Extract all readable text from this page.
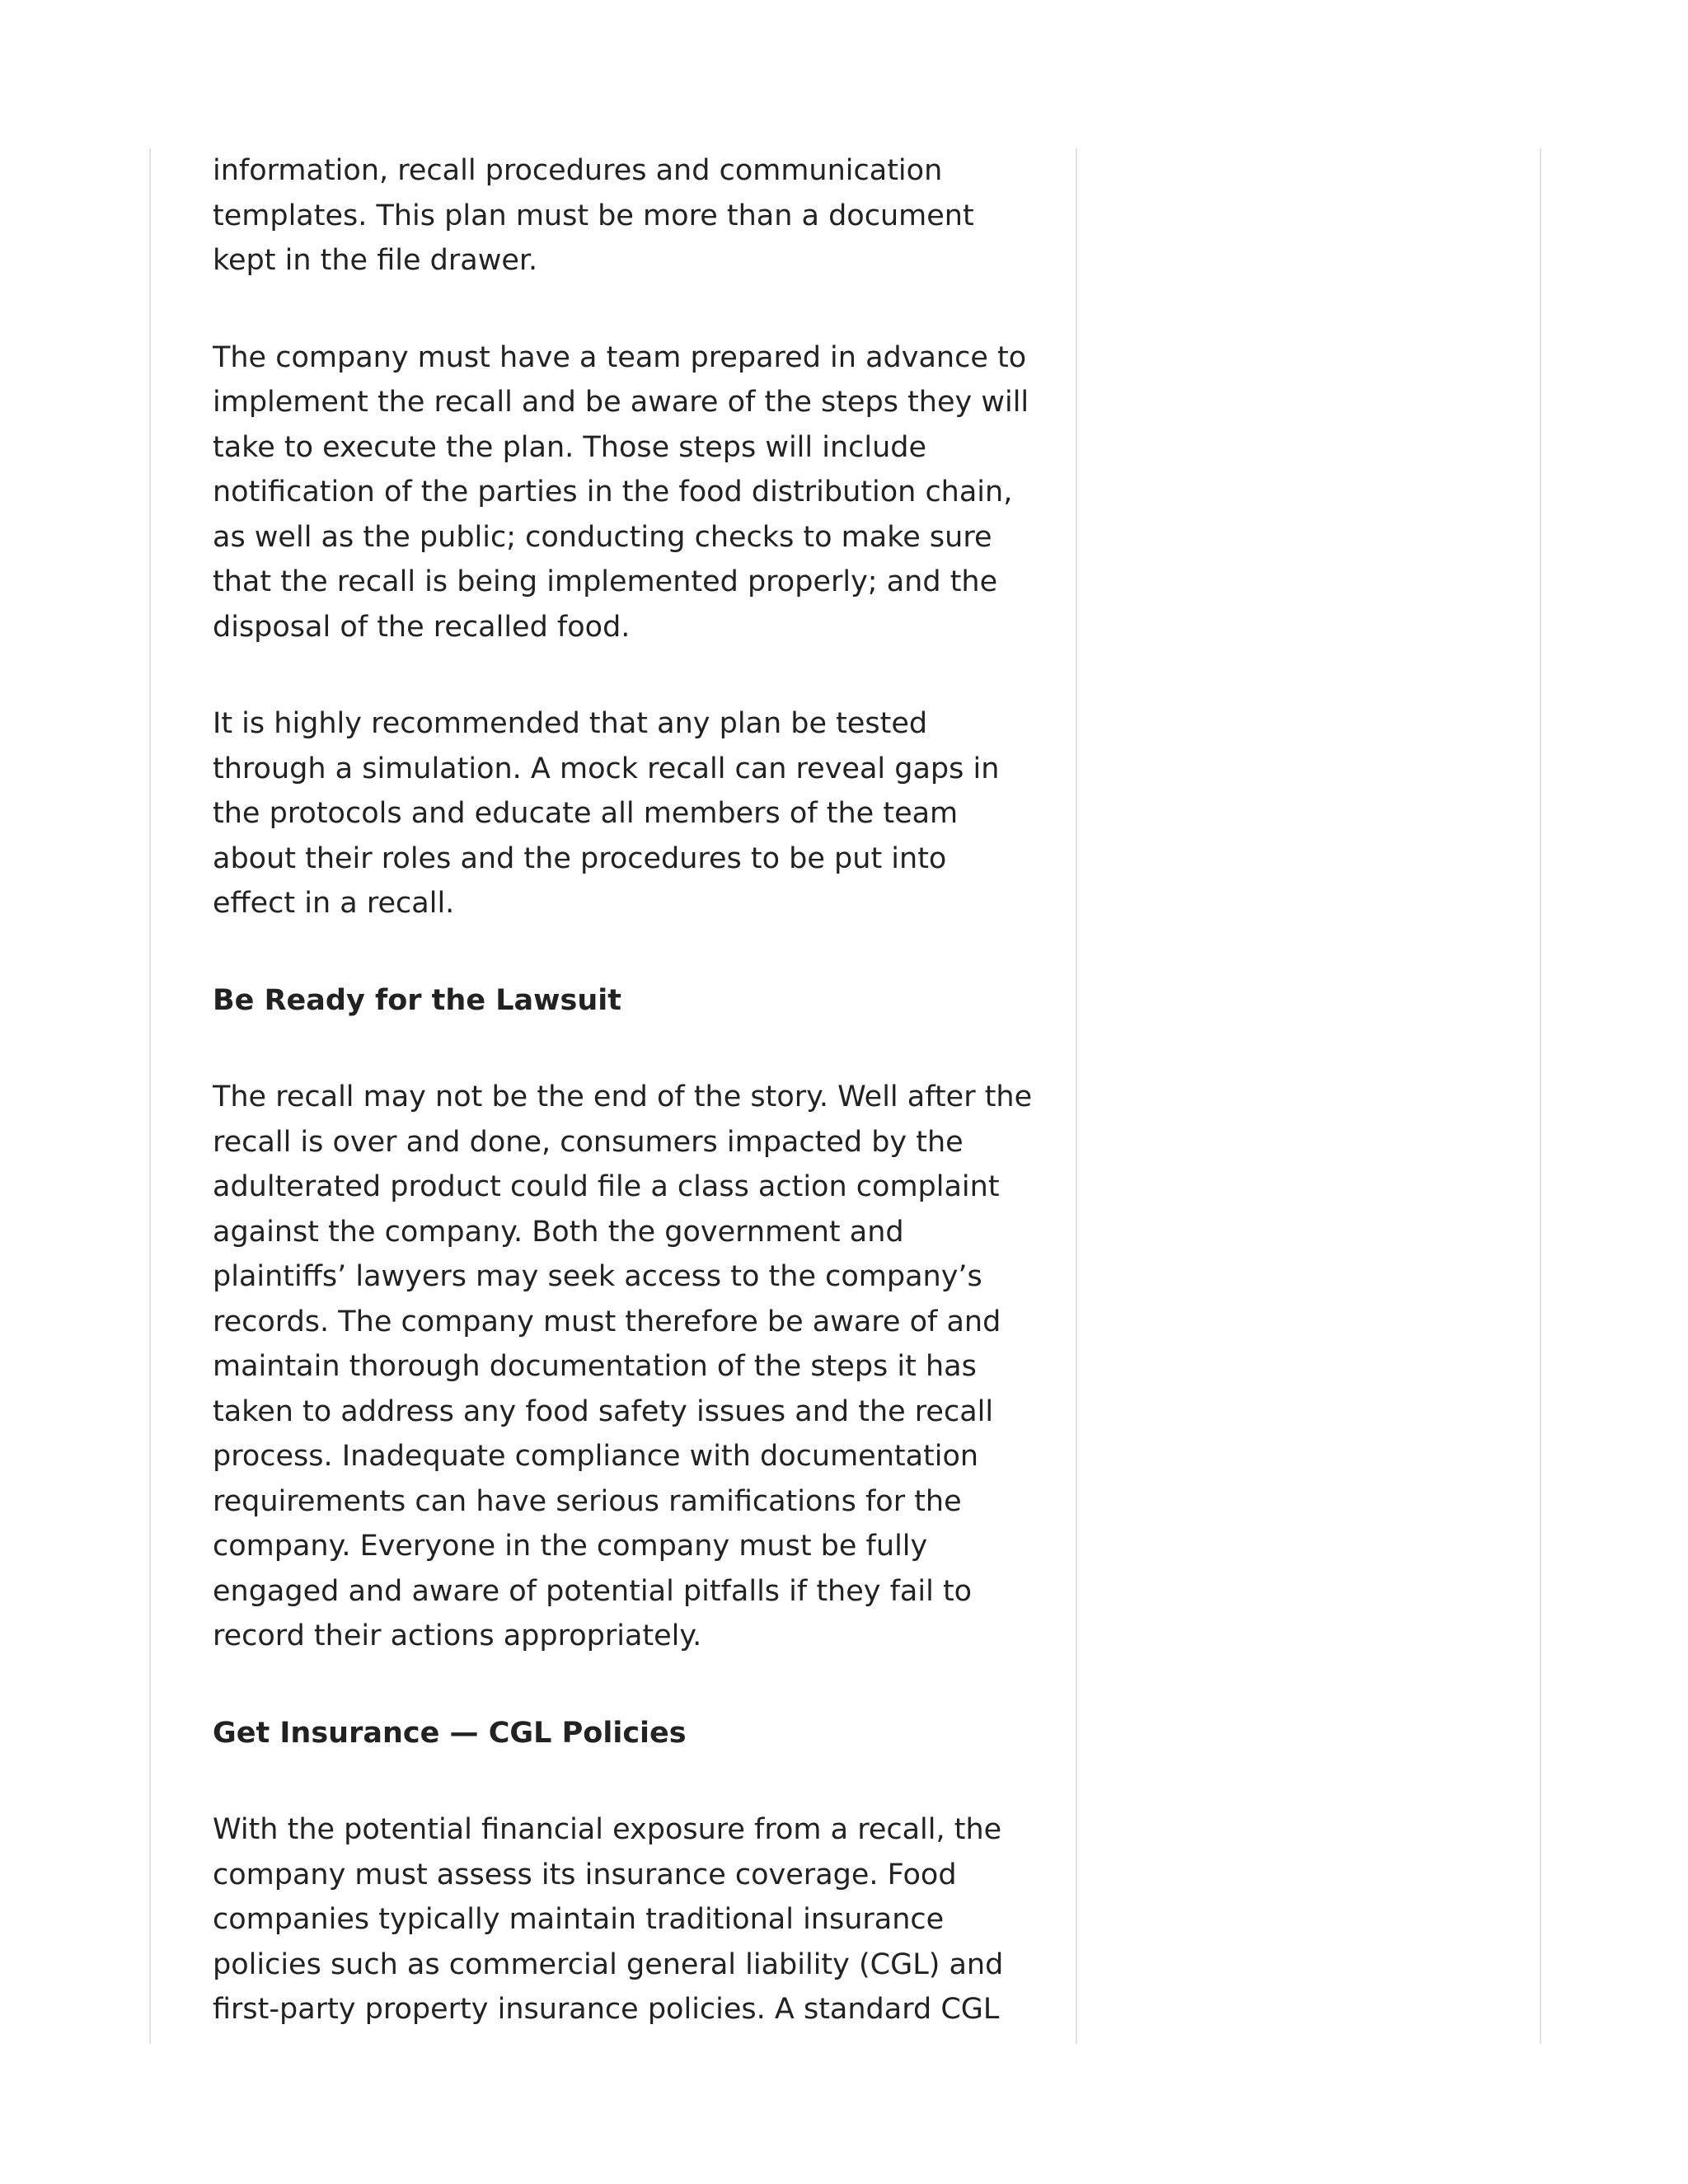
information, recall procedures and communication templates. This plan must be more than a document kept in the file drawer.

The company must have a team prepared in advance to implement the recall and be aware of the steps they will take to execute the plan. Those steps will include notification of the parties in the food distribution chain, as well as the public; conducting checks to make sure that the recall is being implemented properly; and the disposal of the recalled food.

It is highly recommended that any plan be tested through a simulation. A mock recall can reveal gaps in the protocols and educate all members of the team about their roles and the procedures to be put into effect in a recall.

Be Ready for the Lawsuit

The recall may not be the end of the story. Well after the recall is over and done, consumers impacted by the adulterated product could file a class action complaint against the company. Both the government and plaintiffs’ lawyers may seek access to the company’s records. The company must therefore be aware of and maintain thorough documentation of the steps it has taken to address any food safety issues and the recall process. Inadequate compliance with documentation requirements can have serious ramifications for the company. Everyone in the company must be fully engaged and aware of potential pitfalls if they fail to record their actions appropriately.

Get Insurance — CGL Policies

With the potential financial exposure from a recall, the company must assess its insurance coverage. Food companies typically maintain traditional insurance policies such as commercial general liability (CGL) and first-party property insurance policies. A standard CGL
